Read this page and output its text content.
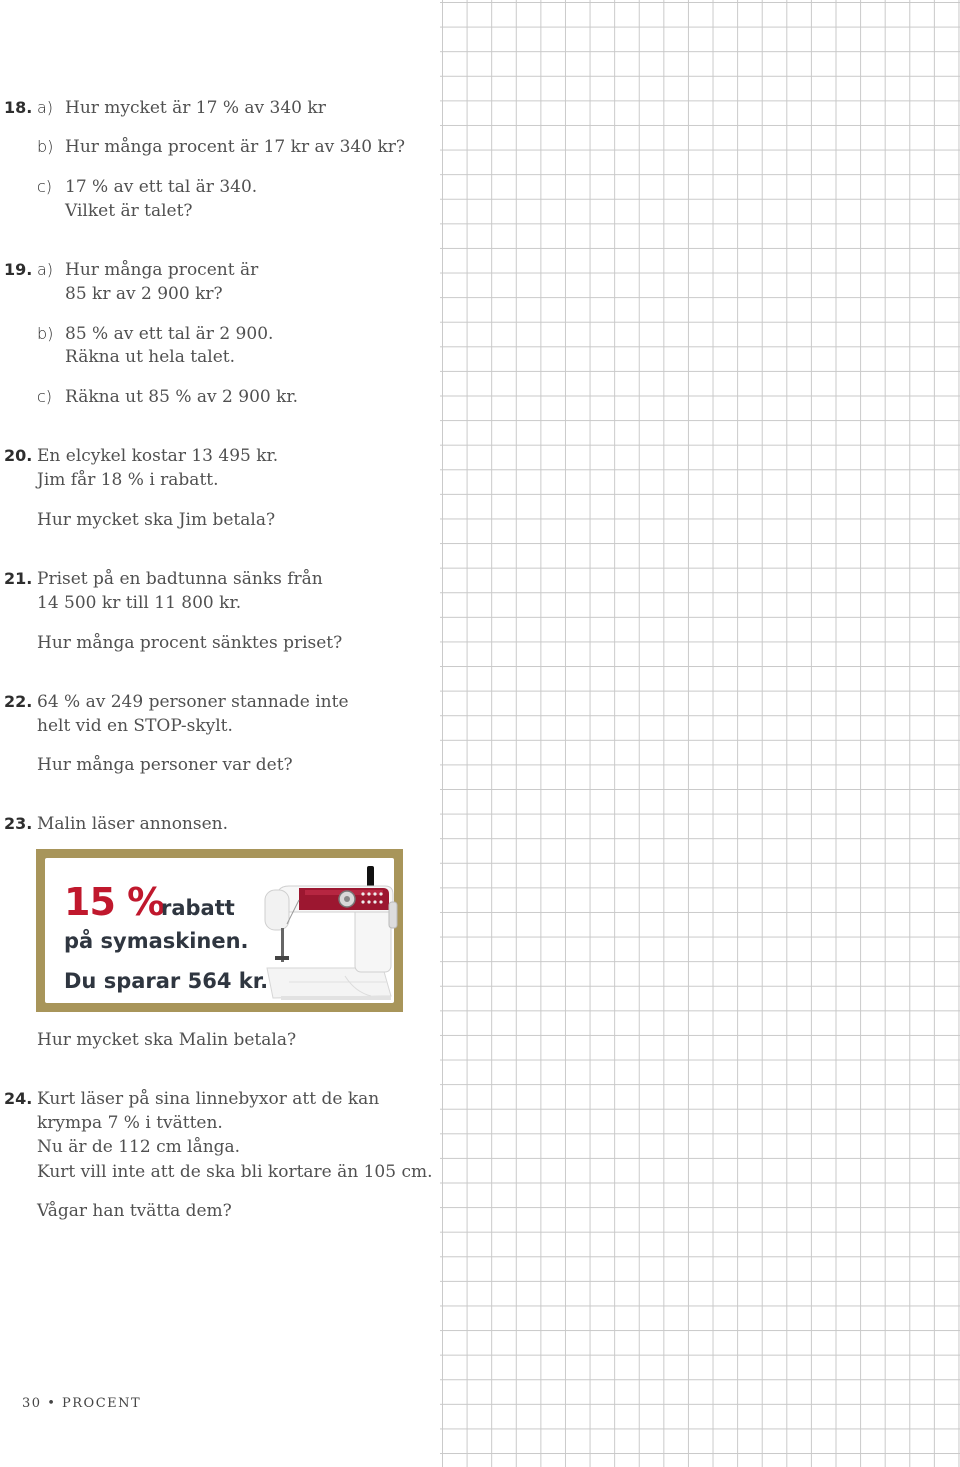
18. a) Hur mycket är 17 % av 340 kr
b) Hur många procent är 17 kr av 340 kr?
c) 17 % av ett tal är 340.
Vilket är talet?
19. a) Hur många procent är
85 kr av 2 900 kr?
b) 85 % av ett tal är 2 900.
Räkna ut hela talet.
c) Räkna ut 85 % av 2 900 kr.
20. En elcykel kostar 13 495 kr.
Jim får 18 % i rabatt.
Hur mycket ska Jim betala?
21. Priset på en badtunna sänks från
14 500 kr till 11 800 kr.
Hur många procent sänktes priset?
22. 64 % av 249 personer stannade inte
helt vid en STOP-skylt.
Hur många personer var det?
23. Malin läser annonsen.
15 %
rabatt
på symaskinen.
Du sparar 564 kr.
Hur mycket ska Malin betala?
24. Kurt läser på sina linnebyxor att de kan
krympa 7 % i tvätten.
Nu är de 112 cm långa.
Kurt vill inte att de ska bli kortare än 105 cm.
Vågar han tvätta dem?
30 • PROCENT
